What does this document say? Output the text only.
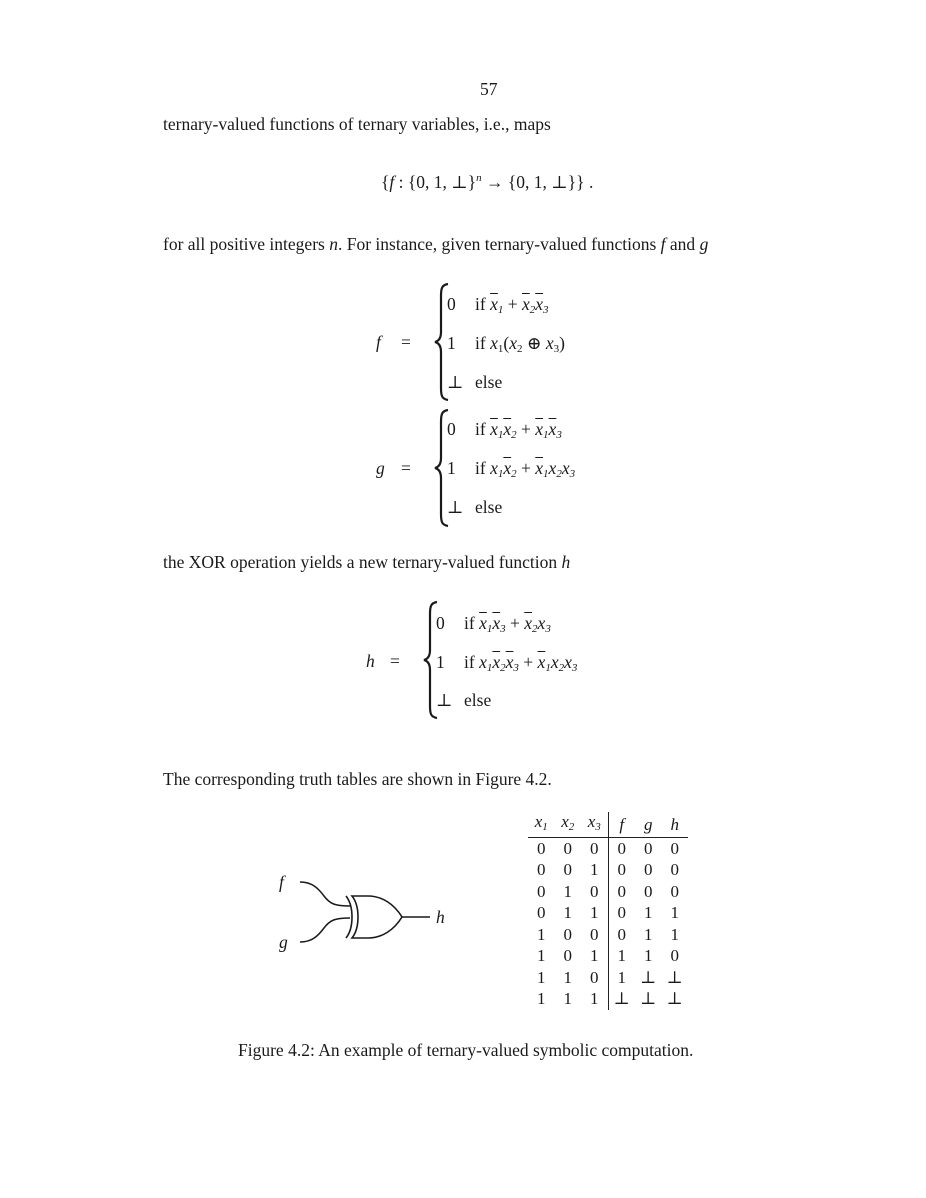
57
ternary-valued functions of ternary variables, i.e., maps
{f : {0, 1, ⊥}$^n$ → {0, 1, ⊥}} .
for all positive integers n. For instance, given ternary-valued functions f and g
f =
0 if $\overline{x}_1 + \overline{x}_2\overline{x}_3$
1 if $x_1(x_2$ ⊕ $x_3$)
⊥ else
g =
0 if $\overline{x}_1\overline{x}_2 + \overline{x}_1\overline{x}_3$
1 if $x_1\overline{x}_2 + \overline{x}_1x_2x_3$
⊥ else
the XOR operation yields a new ternary-valued function h
h =
0 if $\overline{x}_1\overline{x}_3 + \overline{x}_2x_3$
1 if $x_1\overline{x}_2\overline{x}_3 + \overline{x}_1x_2x_3$
⊥ else
The corresponding truth tables are shown in Figure 4.2.
f
g
h
$x_1$	$x_2$	$x_3$	f	g	h
0	0	0	0	0	0
0	0	1	0	0	0
0	1	0	0	0	0
0	1	1	0	1	1
1	0	0	0	1	1
1	0	1	1	1	0
1	1	0	1	⊥	⊥
1	1	1	⊥	⊥	⊥
Figure 4.2: An example of ternary-valued symbolic computation.
